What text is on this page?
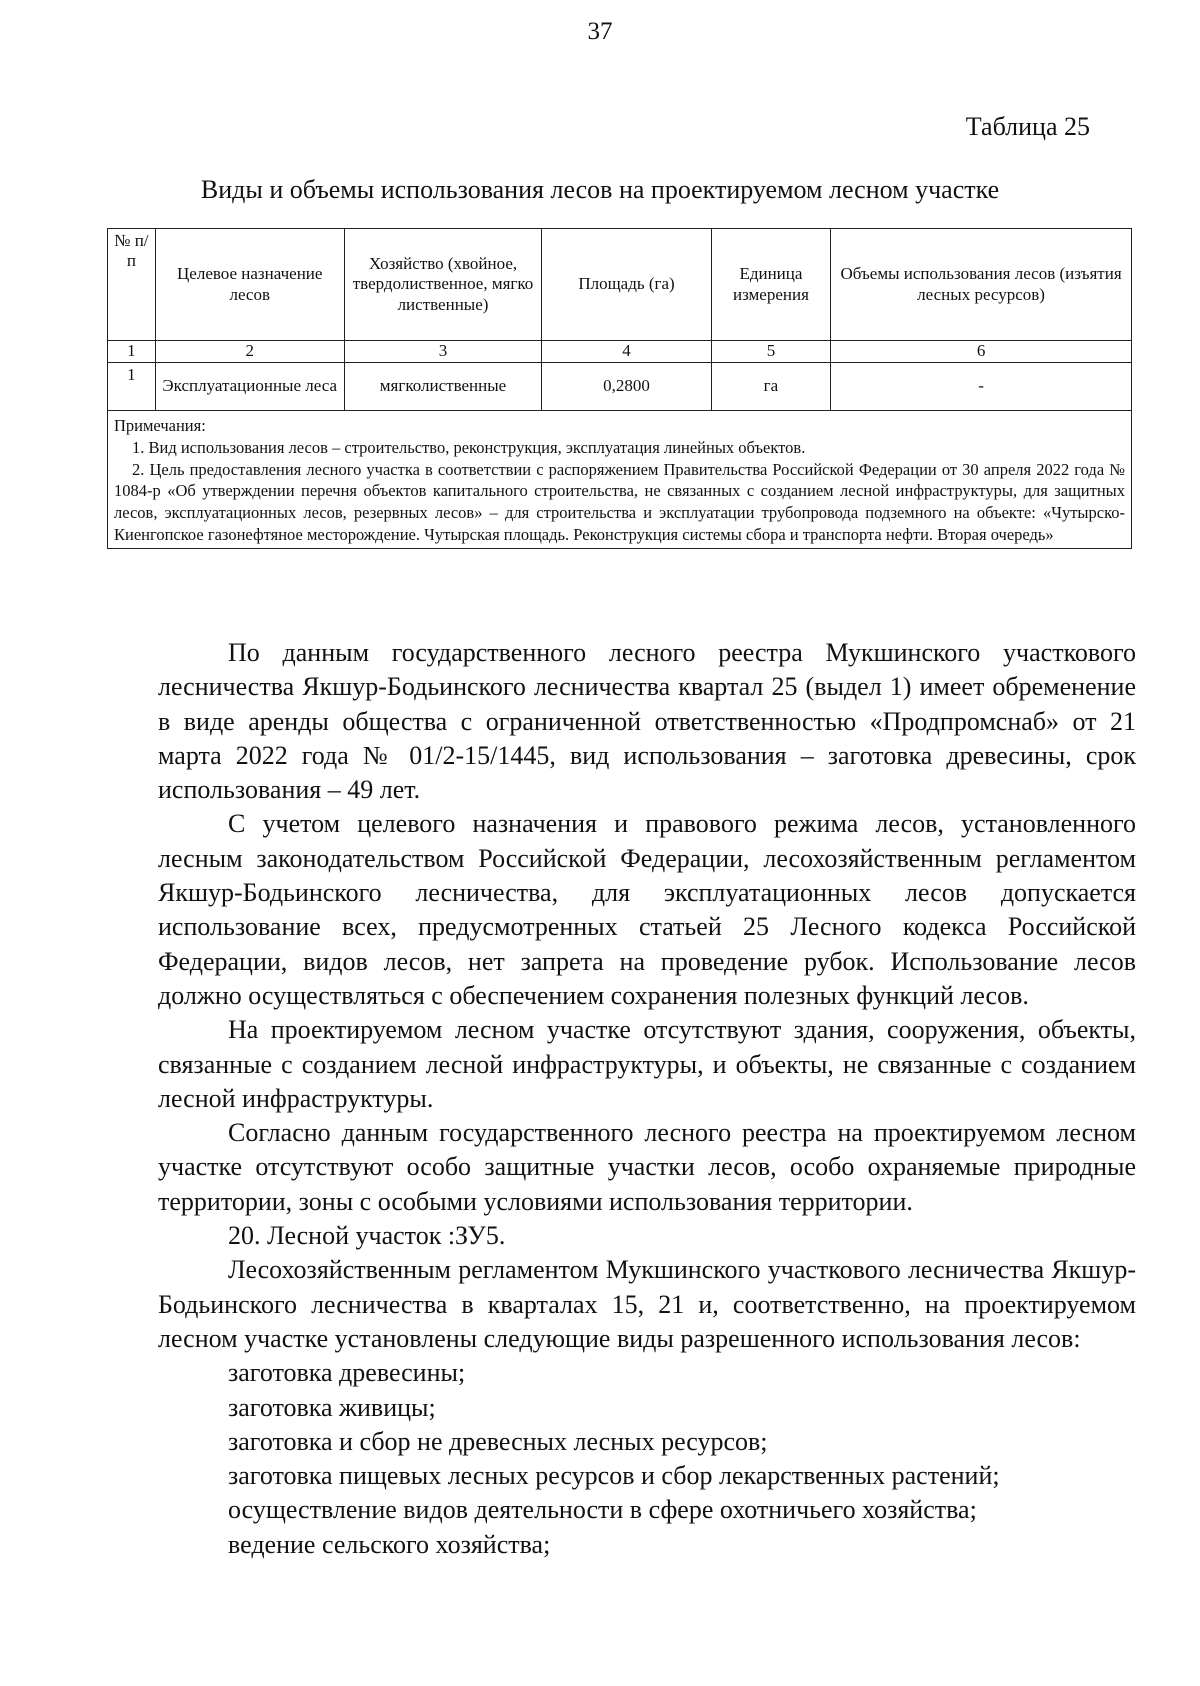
37
Таблица 25
Виды и объемы использования лесов на проектируемом лесном участке
№ п/п	Целевое назначение лесов	Хозяйство (хвойное, твердолиственное, мягко лиственные)	Площадь (га)	Единица измерения	Объемы использования лесов (изъятия лесных ресурсов)
1	2	3	4	5	6
1	Эксплуатационные леса	мягколиственные	0,2800	га	-

Примечания:

1. Вид использования лесов – строительство, реконструкция, эксплуатация линейных объектов.

2. Цель предоставления лесного участка в соответствии с распоряжением Правительства Российской Федерации от 30 апреля 2022 года № 1084-р «Об утверждении перечня объектов капитального строительства, не связанных с созданием лесной инфраструктуры, для защитных лесов, эксплуатационных лесов, резервных лесов» – для строительства и эксплуатации трубопровода подземного на объекте: «Чутырско-Киенгопское газонефтяное месторождение. Чутырская площадь. Реконструкция системы сбора и транспорта нефти. Вторая очередь»					

По данным государственного лесного реестра Мукшинского участкового лесничества Якшур-Бодьинского лесничества квартал 25 (выдел 1) имеет обременение в виде аренды общества с ограниченной ответственностью «Продпромснаб» от 21 марта 2022 года № 01/2-15/1445, вид использования – заготовка древесины, срок использования – 49 лет.

С учетом целевого назначения и правового режима лесов, установленного лесным законодательством Российской Федерации, лесохозяйственным регламентом Якшур-Бодьинского лесничества, для эксплуатационных лесов допускается использование всех, предусмотренных статьей 25 Лесного кодекса Российской Федерации, видов лесов, нет запрета на проведение рубок. Использование лесов должно осуществляться с обеспечением сохранения полезных функций лесов.

На проектируемом лесном участке отсутствуют здания, сооружения, объекты, связанные с созданием лесной инфраструктуры, и объекты, не связанные с созданием лесной инфраструктуры.

Согласно данным государственного лесного реестра на проектируемом лесном участке отсутствуют особо защитные участки лесов, особо охраняемые природные территории, зоны с особыми условиями использования территории.

20. Лесной участок :ЗУ5.

Лесохозяйственным регламентом Мукшинского участкового лесничества Якшур-Бодьинского лесничества в кварталах 15, 21 и, соответственно, на проектируемом лесном участке установлены следующие виды разрешенного использования лесов:

заготовка древесины;

заготовка живицы;

заготовка и сбор не древесных лесных ресурсов;

заготовка пищевых лесных ресурсов и сбор лекарственных растений;

осуществление видов деятельности в сфере охотничьего хозяйства;

ведение сельского хозяйства;
